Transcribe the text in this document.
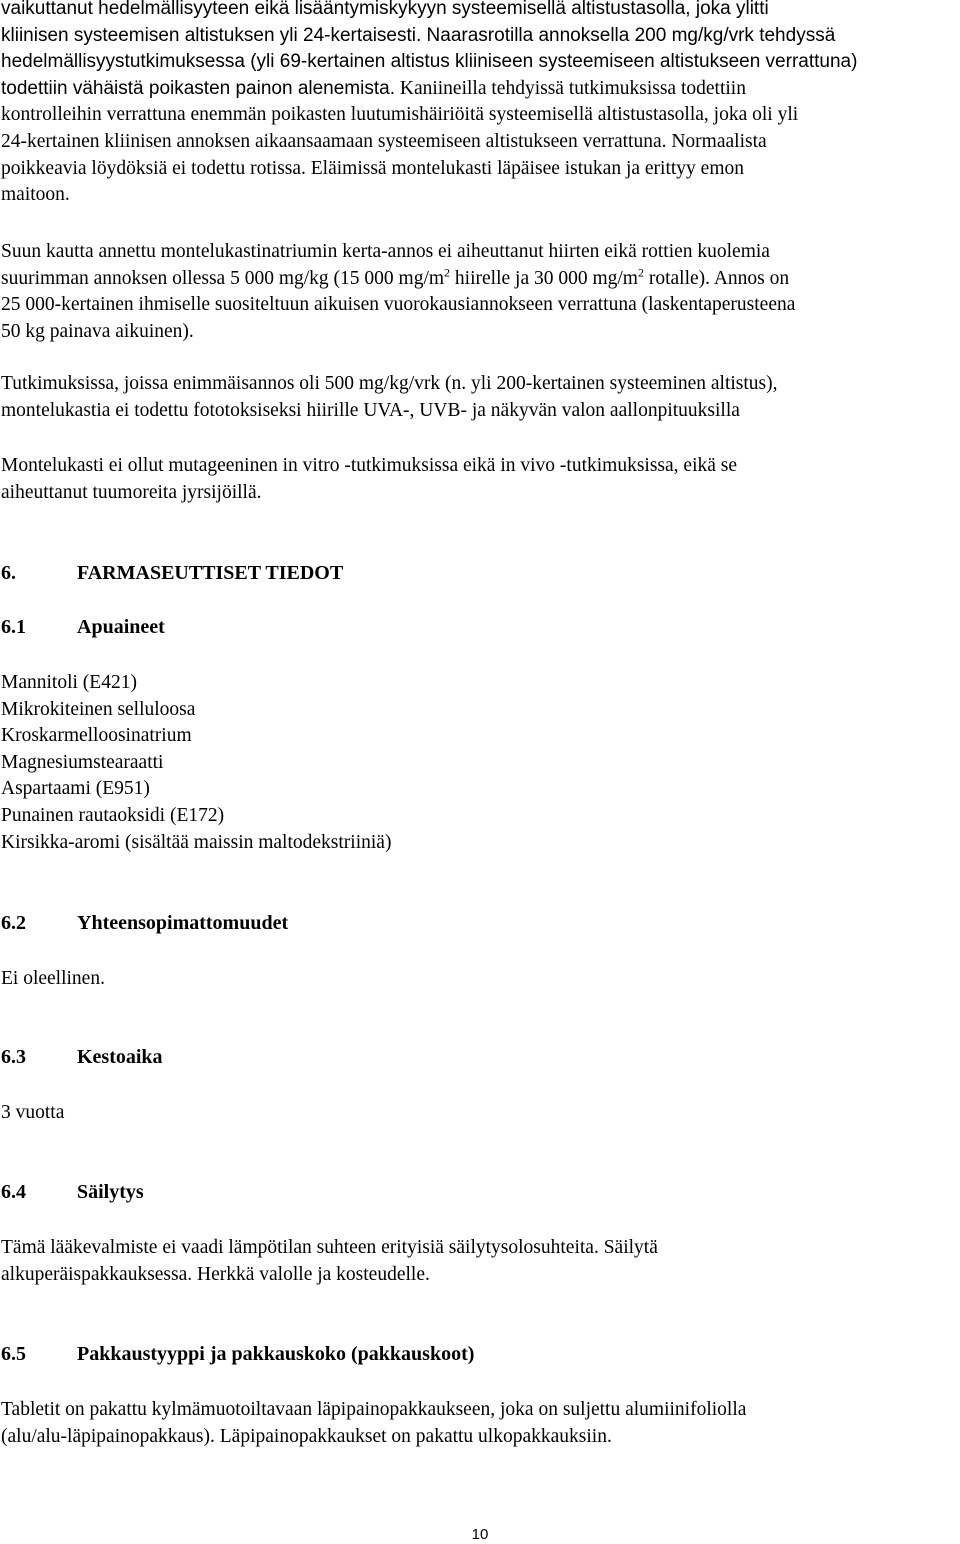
vaikuttanut hedelmällisyyteen eikä lisääntymiskykyyn systeemisellä altistustasolla, joka ylitti
kliinisen systeemisen altistuksen yli 24-kertaisesti. Naarasrotilla annoksella 200 mg/kg/vrk tehdyssä
hedelmällisyystutkimuksessa (yli 69-kertainen altistus kliiniseen systeemiseen altistukseen verrattuna)
todettiin vähäistä poikasten painon alenemista. Kaniineilla tehdyissä tutkimuksissa todettiin
kontrolleihin verrattuna enemmän poikasten luutumishäiriöitä systeemisellä altistustasolla, joka oli yli
24-kertainen kliinisen annoksen aikaansaamaan systeemiseen altistukseen verrattuna. Normaalista
poikkeavia löydöksiä ei todettu rotissa. Eläimissä montelukasti läpäisee istukan ja erittyy emon
maitoon.

Suun kautta annettu montelukastinatriumin kerta-annos ei aiheuttanut hiirten eikä rottien kuolemia
suurimman annoksen ollessa 5 000 mg/kg (15 000 $mg/m^2$ hiirelle ja 30 000 $mg/m^2$ rotalle). Annos on
25 000-kertainen ihmiselle suositeltuun aikuisen vuorokausiannokseen verrattuna (laskentaperusteena
50 kg painava aikuinen).

Tutkimuksissa, joissa enimmäisannos oli 500 mg/kg/vrk (n. yli 200-kertainen systeeminen altistus),
montelukastia ei todettu fototoksiseksi hiirille UVA-, UVB- ja näkyvän valon aallonpituuksilla

Montelukasti ei ollut mutageeninen in vitro -tutkimuksissa eikä in vivo -tutkimuksissa, eikä se
aiheuttanut tuumoreita jyrsijöillä.

6.	FARMASEUTTISET TIEDOT
6.1	Apuaineet
Mannitoli (E421)
Mikrokiteinen selluloosa
Kroskarmelloosinatrium
Magnesiumstearaatti
Aspartaami (E951)
Punainen rautaoksidi (E172)
Kirsikka-aromi (sisältää maissin maltodekstriiniä)
6.2	Yhteensopimattomuudet

Ei oleellinen.

6.3	Kestoaika

3 vuotta

6.4	Säilytys

Tämä lääkevalmiste ei vaadi lämpötilan suhteen erityisiä säilytysolosuhteita. Säilytä
alkuperäispakkauksessa. Herkkä valolle ja kosteudelle.

6.5	Pakkaustyyppi ja pakkauskoko (pakkauskoot)

Tabletit on pakattu kylmämuotoiltavaan läpipainopakkaukseen, joka on suljettu alumiinifoliolla
(alu/alu-läpipainopakkaus). Läpipainopakkaukset on pakattu ulkopakkauksiin.

10
